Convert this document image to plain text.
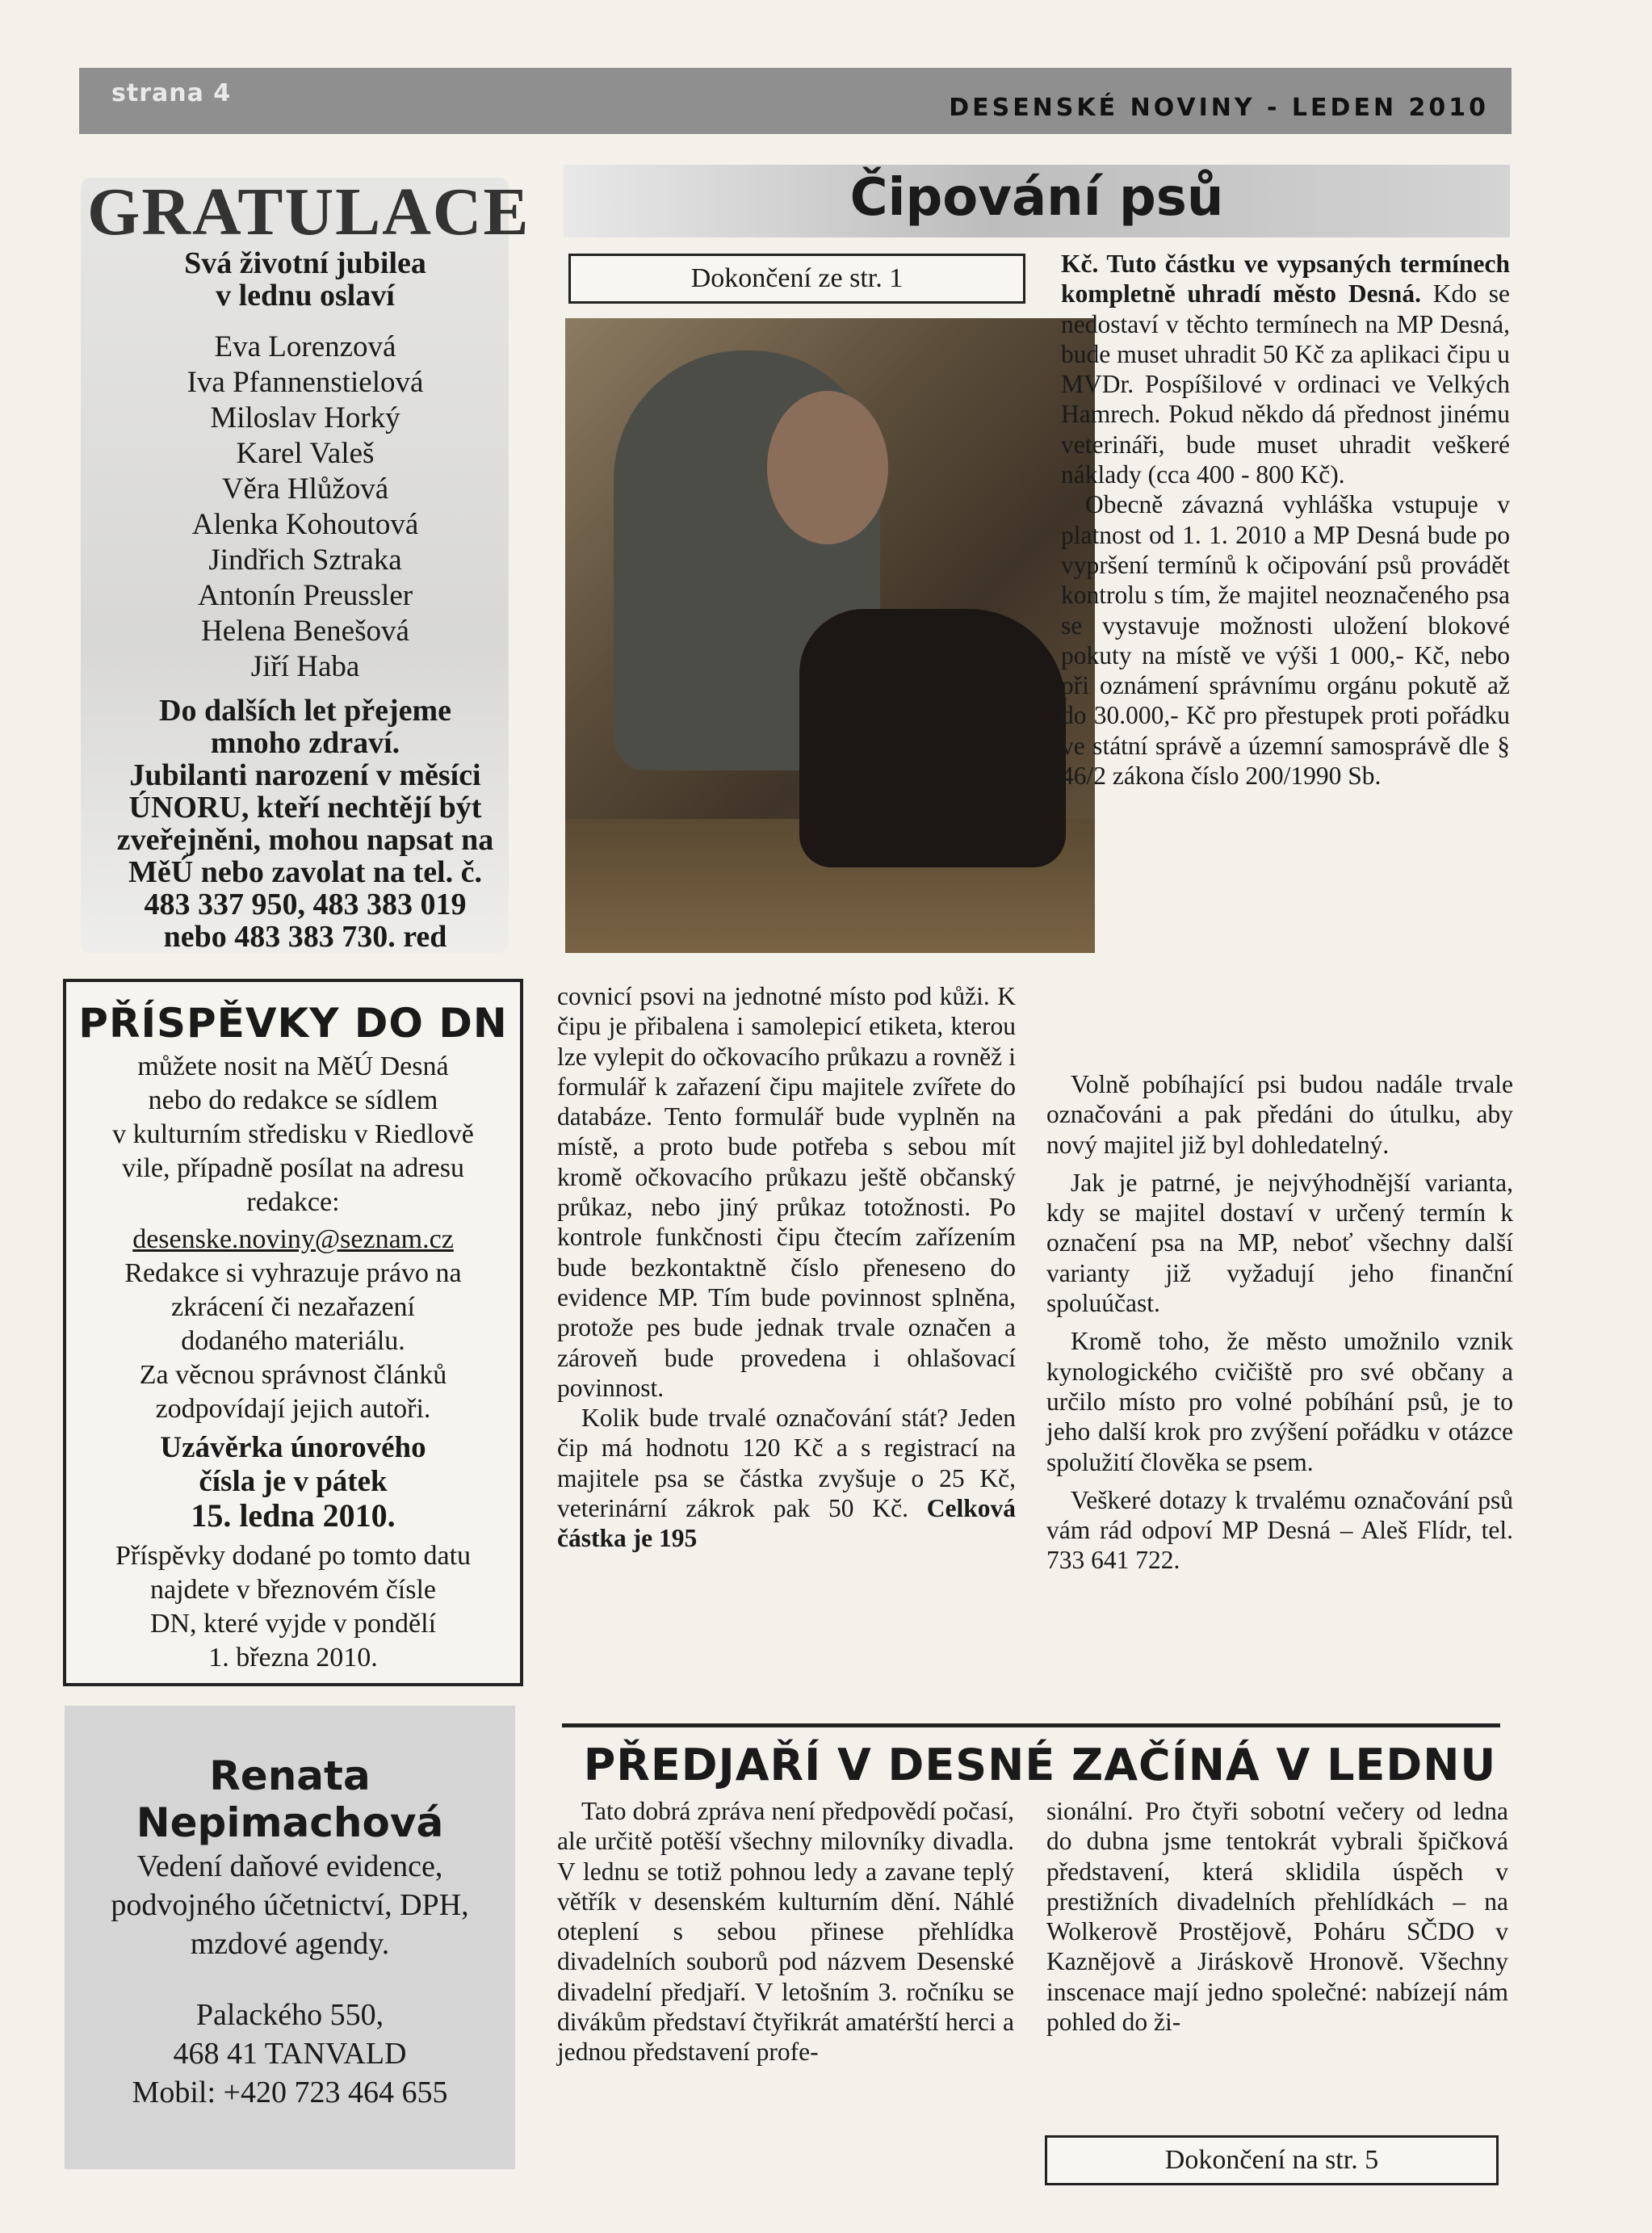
strana 4
DESENSKÉ NOVINY - LEDEN 2010
GRATULACE
Svá životní jubilea
v lednu oslaví
Eva Lorenzová
Iva Pfannenstielová
Miloslav Horký
Karel Valeš
Věra Hlůžová
Alenka Kohoutová
Jindřich Sztraka
Antonín Preussler
Helena Benešová
Jiří Haba
Do dalších let přejeme
mnoho zdraví.
Jubilanti narození v měsíci
ÚNORU, kteří nechtějí být
zveřejněni, mohou napsat na
MěÚ nebo zavolat na tel. č.
483 337 950, 483 383 019
nebo 483 383 730. red
PŘÍSPĚVKY DO DN
můžete nosit na MěÚ Desná
nebo do redakce se sídlem
v kulturním středisku v Riedlově
vile, případně posílat na adresu
redakce:
desenske.noviny@seznam.cz
Redakce si vyhrazuje právo na
zkrácení či nezařazení
dodaného materiálu.
Za věcnou správnost článků
zodpovídají jejich autoři.
Uzávěrka únorového
čísla je v pátek
15. ledna 2010.
Příspěvky dodané po tomto datu
najdete v březnovém čísle
DN, které vyjde v pondělí
1. března 2010.
Renata Nepimachová
Vedení daňové evidence,
podvojného účetnictví, DPH,
mzdové agendy.
Palackého 550,
468 41 TANVALD
Mobil: +420 723 464 655
Čipování psů
Dokončení ze str. 1	Kč. Tuto částku ve vypsaných termínech kompletně uhradí město Desná. Kdo se nedostaví v těchto termínech na MP Desná, bude muset uhradit 50 Kč za aplikaci čipu u MVDr. Pospíšilové v ordinaci ve Velkých Hamrech. Pokud někdo dá přednost jinému veterináři, bude muset uhradit veškeré náklady (cca 400 - 800 Kč).

Obecně závazná vyhláška vstupuje v platnost od 1. 1. 2010 a MP Desná bude po vypršení termínů k očipování psů provádět kontrolu s tím, že majitel neoznačeného psa se vystavuje možnosti uložení blokové pokuty na místě ve výši 1 000,- Kč, nebo při oznámení správnímu orgánu pokutě až do 30.000,- Kč pro přestupek proti pořádku ve státní správě a územní samosprávě dle § 46/2 zákona číslo 200/1990 Sb.

covnicí psovi na jednotné místo pod kůži. K čipu je přibalena i samolepicí etiketa, kterou lze vylepit do očkovacího průkazu a rovněž i formulář k zařazení čipu majitele zvířete do databáze. Tento formulář bude vyplněn na místě, a proto bude potřeba s sebou mít kromě očkovacího průkazu ještě občanský průkaz, nebo jiný průkaz totožnosti. Po kontrole funkčnosti čipu čtecím zařízením bude bezkontaktně číslo přeneseno do evidence MP. Tím bude povinnost splněna, protože pes bude jednak trvale označen a zároveň bude provedena i ohlašovací povinnost.

Kolik bude trvalé označování stát? Jeden čip má hodnotu 120 Kč a s registrací na majitele psa se částka zvyšuje o 25 Kč, veterinární zákrok pak 50 Kč. Celková částka je 195

Volně pobíhající psi budou nadále trvale označováni a pak předáni do útulku, aby nový majitel již byl dohledatelný.

Jak je patrné, je nejvýhodnější varianta, kdy se majitel dostaví v určený termín k označení psa na MP, neboť všechny další varianty již vyžadují jeho finanční spoluúčast.

Kromě toho, že město umožnilo vznik kynologického cvičiště pro své občany a určilo místo pro volné pobíhání psů, je to jeho další krok pro zvýšení pořádku v otázce spolužití člověka se psem.

Veškeré dotazy k trvalému označování psů vám rád odpoví MP Desná – Aleš Flídr, tel. 733 641 722.

PŘEDJAŘÍ V DESNÉ ZAČÍNÁ V LEDNU

Tato dobrá zpráva není předpovědí počasí, ale určitě potěší všechny milovníky divadla. V lednu se totiž pohnou ledy a zavane teplý větřík v desenském kulturním dění. Náhlé oteplení s sebou přinese přehlídka divadelních souborů pod názvem Desenské divadelní předjaří. V letošním 3. ročníku se divákům představí čtyřikrát amatérští herci a jednou představení profe-

sionální. Pro čtyři sobotní večery od ledna do dubna jsme tentokrát vybrali špičková představení, která sklidila úspěch v prestižních divadelních přehlídkách – na Wolkerově Prostějově, Poháru SČDO v Kaznějově a Jiráskově Hronově. Všechny inscenace mají jedno společné: nabízejí nám pohled do ži-

Dokončení na str. 5
